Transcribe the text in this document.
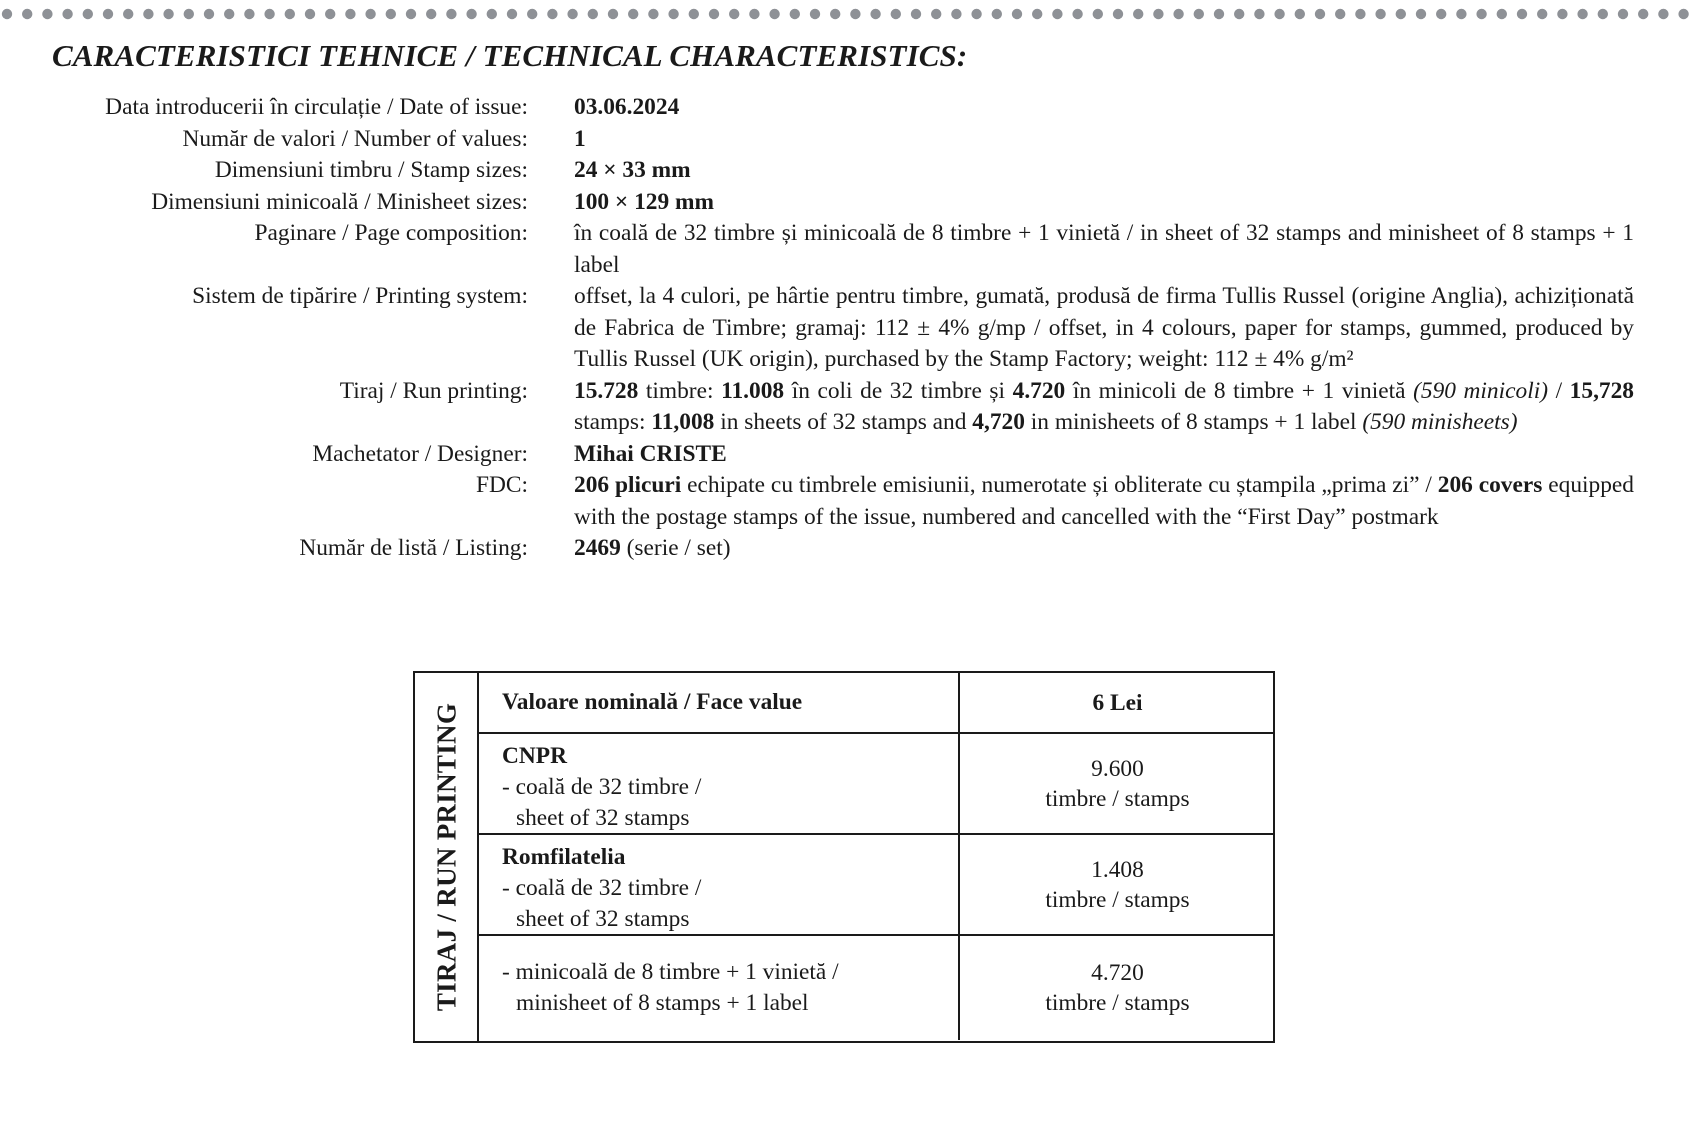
CARACTERISTICI TEHNICE / TECHNICAL CHARACTERISTICS:
Data introducerii în circulație / Date of issue: 03.06.2024
Număr de valori / Number of values: 1
Dimensiuni timbru / Stamp sizes: 24 × 33 mm
Dimensiuni minicoală / Minisheet sizes: 100 × 129 mm
Paginare / Page composition: în coală de 32 timbre și minicoală de 8 timbre + 1 vinietă / in sheet of 32 stamps and minisheet of 8 stamps + 1 label
Sistem de tipărire / Printing system: offset, la 4 culori, pe hârtie pentru timbre, gumată, produsă de firma Tullis Russel (origine Anglia), achiziționată de Fabrica de Timbre; gramaj: 112 ± 4% g/mp / offset, in 4 colours, paper for stamps, gummed, produced by Tullis Russel (UK origin), purchased by the Stamp Factory; weight: 112 ± 4% g/m²
Tiraj / Run printing: 15.728 timbre: 11.008 în coli de 32 timbre și 4.720 în minicoli de 8 timbre + 1 vinietă (590 minicoli) / 15,728 stamps: 11,008 in sheets of 32 stamps and 4,720 in minisheets of 8 stamps + 1 label (590 minisheets)
Machetator / Designer: Mihai CRISTE
FDC: 206 plicuri echipate cu timbrele emisiunii, numerotate și obliterate cu ștampila „prima zi” / 206 covers equipped with the postage stamps of the issue, numbered and cancelled with the “First Day” postmark
Număr de listă / Listing: 2469 (serie / set)
TIRAJ / RUN PRINTING
Valoare nominală / Face value	6 Lei
CNPR
- coală de 32 timbre /
sheet of 32 stamps
9.600
timbre / stamps
Romfilatelia
- coală de 32 timbre /
sheet of 32 stamps
1.408
timbre / stamps
- minicoală de 8 timbre + 1 vinietă /
minisheet of 8 stamps + 1 label
4.720
timbre / stamps
